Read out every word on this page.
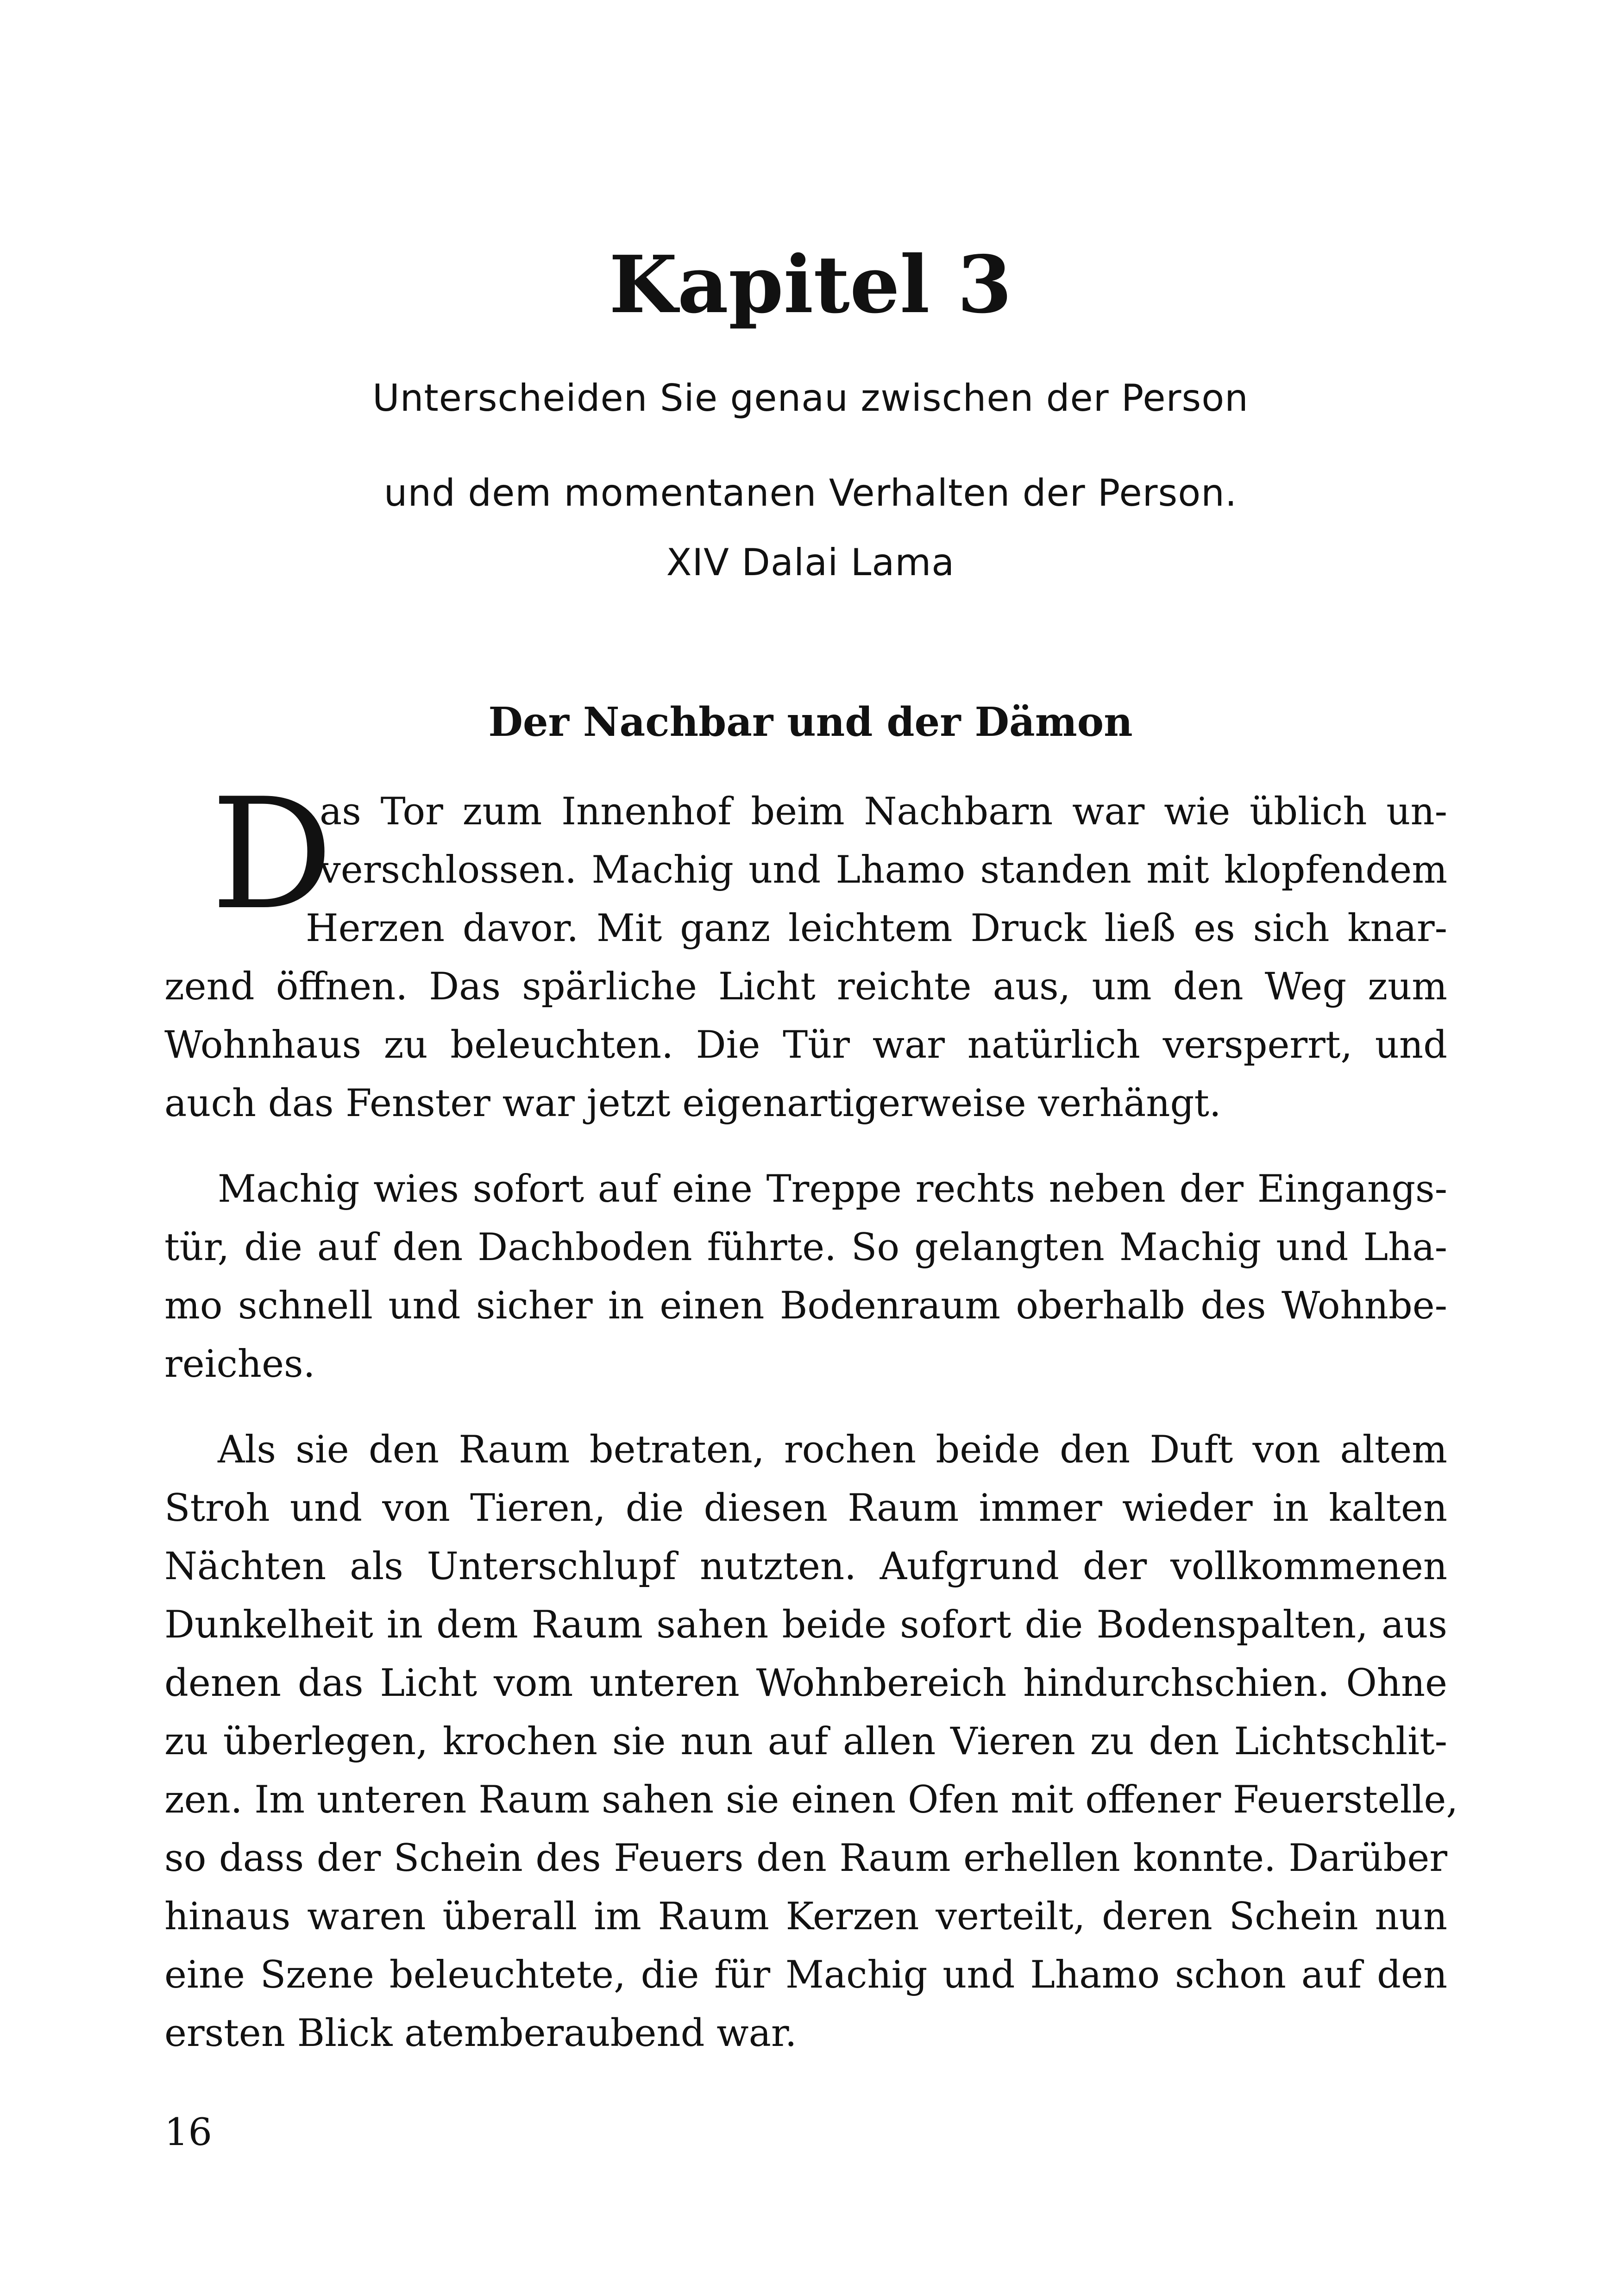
Kapitel 3
Unterscheiden Sie genau zwischen der Person
und dem momentanen Verhalten der Person.
XIV Dalai Lama
Der Nachbar und der Dämon
D
as Tor zum Innenhof beim Nachbarn war wie üblich un-
verschlossen. Machig und Lhamo standen mit klopfendem
Herzen davor. Mit ganz leichtem Druck ließ es sich knar-
zend öffnen. Das spärliche Licht reichte aus, um den Weg zum
Wohnhaus zu beleuchten. Die Tür war natürlich versperrt, und
auch das Fenster war jetzt eigenartigerweise verhängt.
Machig wies sofort auf eine Treppe rechts neben der Eingangs-
tür, die auf den Dachboden führte. So gelangten Machig und Lha-
mo schnell und sicher in einen Bodenraum oberhalb des Wohnbe-
reiches.
Als sie den Raum betraten, rochen beide den Duft von altem
Stroh und von Tieren, die diesen Raum immer wieder in kalten
Nächten als Unterschlupf nutzten. Aufgrund der vollkommenen
Dunkelheit in dem Raum sahen beide sofort die Bodenspalten, aus
denen das Licht vom unteren Wohnbereich hindurchschien. Ohne
zu überlegen, krochen sie nun auf allen Vieren zu den Lichtschlit-
zen. Im unteren Raum sahen sie einen Ofen mit offener Feuerstelle,
so dass der Schein des Feuers den Raum erhellen konnte. Darüber
hinaus waren überall im Raum Kerzen verteilt, deren Schein nun
eine Szene beleuchtete, die für Machig und Lhamo schon auf den
ersten Blick atemberaubend war.
16
